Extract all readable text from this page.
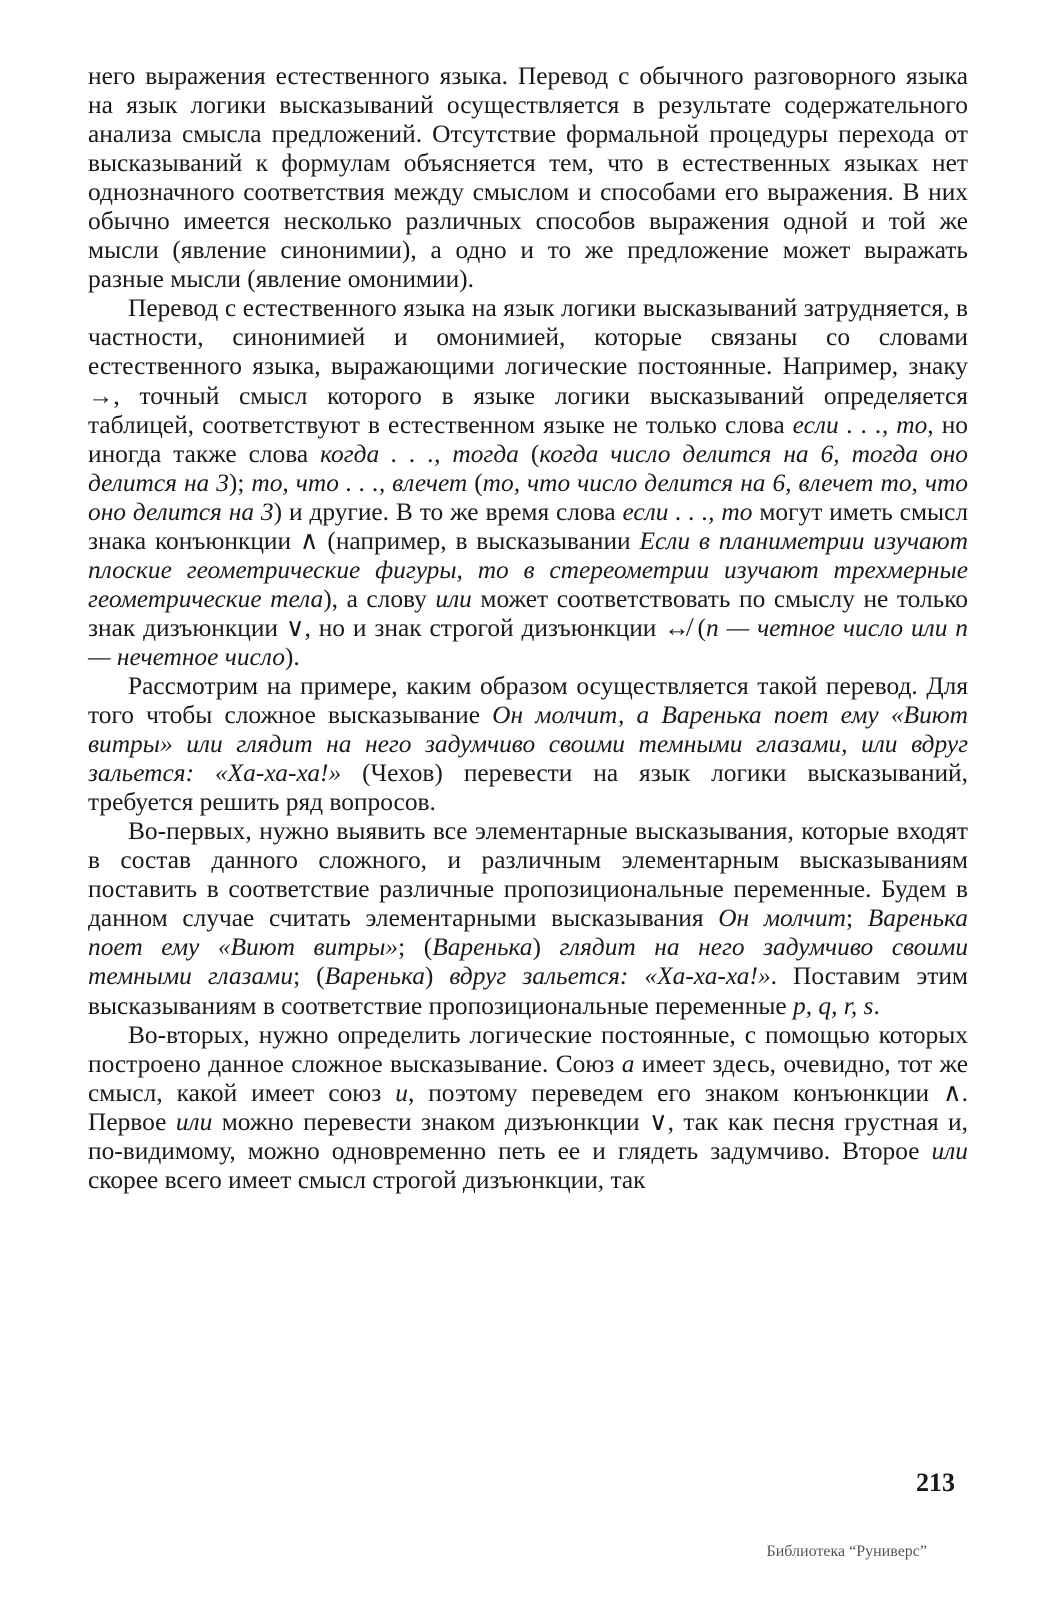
него выражения естественного языка. Перевод с обычного разговорного языка на язык логики высказываний осуществляется в результате содержательного анализа смысла предложений. Отсутствие формальной процедуры перехода от высказываний к формулам объясняется тем, что в естественных языках нет однозначного соответствия между смыслом и способами его выражения. В них обычно имеется несколько различных способов выражения одной и той же мысли (явление синонимии), а одно и то же предложение может выражать разные мысли (явление омонимии).

Перевод с естественного языка на язык логики высказываний затрудняется, в частности, синонимией и омонимией, которые связаны со словами естественного языка, выражающими логические постоянные. Например, знаку →, точный смысл которого в языке логики высказываний определяется таблицей, соответствуют в естественном языке не только слова если . . ., то, но иногда также слова когда . . ., тогда (когда число делится на 6, тогда оно делится на 3); то, что . . ., влечет (то, что число делится на 6, влечет то, что оно делится на 3) и другие. В то же время слова если . . ., то могут иметь смысл знака конъюнкции ∧ (например, в высказывании Если в планиметрии изучают плоские геометрические фигуры, то в стереометрии изучают трехмерные геометрические тела), а слову или может соответствовать по смыслу не только знак дизъюнкции ∨, но и знак строгой дизъюнкции ↮ (n — четное число или n — нечетное число).

Рассмотрим на примере, каким образом осуществляется такой перевод. Для того чтобы сложное высказывание Он молчит, а Варенька поет ему «Виют витры» или глядит на него задумчиво своими темными глазами, или вдруг зальется: «Ха-ха-ха!» (Чехов) перевести на язык логики высказываний, требуется решить ряд вопросов.

Во-первых, нужно выявить все элементарные высказывания, которые входят в состав данного сложного, и различным элементарным высказываниям поставить в соответствие различные пропозициональные переменные. Будем в данном случае считать элементарными высказывания Он молчит; Варенька поет ему «Виют витры»; (Варенька) глядит на него задумчиво своими темными глазами; (Варенька) вдруг зальется: «Ха-ха-ха!». Поставим этим высказываниям в соответствие пропозициональные переменные p, q, r, s.

Во-вторых, нужно определить логические постоянные, с помощью которых построено данное сложное высказывание. Союз а имеет здесь, очевидно, тот же смысл, какой имеет союз и, поэтому переведем его знаком конъюнкции ∧. Первое или можно перевести знаком дизъюнкции ∨, так как песня грустная и, по-видимому, можно одновременно петь ее и глядеть задумчиво. Второе или скорее всего имеет смысл строгой дизъюнкции, так

213
Библиотека “Руниверс”
